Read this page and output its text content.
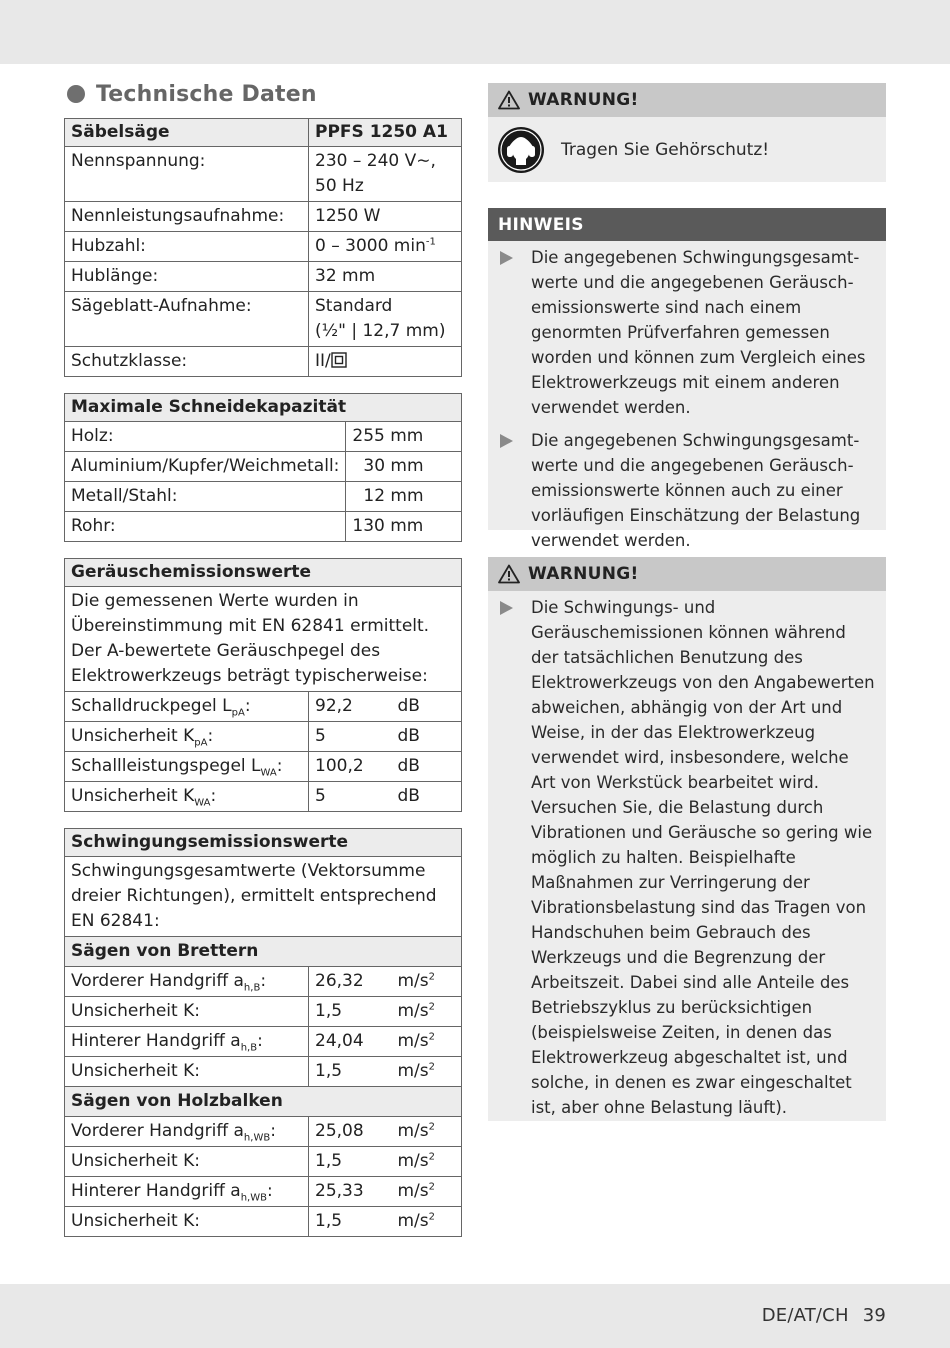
Technische Daten
Säbelsäge	PPFS 1250 A1
Nennspannung:	230 – 240 V∼,
50 Hz
Nennleistungsaufnahme:	1250 W
Hubzahl:	0 – 3000 $\min^{-1}$
Hublänge:	32 mm
Sägeblatt-Aufnahme:	Standard
(½" | 12,7 mm)
Schutzklasse:	II/
Maximale Schneidekapazität	
Holz:	255 mm
Aluminium/Kupfer/Weichmetall:	30 mm
Metall/Stahl:	12 mm
Rohr:	130 mm
Geräuschemissionswerte		
Die gemessenen Werte wurden in Übereinstimmung mit EN 62841 ermittelt. Der A-bewertete Geräuschpegel des Elektrowerkzeugs beträgt typischerweise:		
Schalldruckpegel $L_{pA}$:	92,2	dB
Unsicherheit $K_{pA}$:	5	dB
Schallleistungspegel $L_{WA}$:	100,2	dB
Unsicherheit $K_{WA}$:	5	dB
Schwingungsemissionswerte		
Schwingungsgesamtwerte (Vektorsumme dreier Richtungen), ermittelt entsprechend EN 62841:		
Sägen von Brettern		
Vorderer Handgriff $a_{h,B}$:	26,32	$m/s^2$
Unsicherheit K:	1,5	$m/s^2$
Hinterer Handgriff $a_{h,B}$:	24,04	$m/s^2$
Unsicherheit K:	1,5	$m/s^2$
Sägen von Holzbalken		
Vorderer Handgriff $a_{h,WB}$:	25,08	$m/s^2$
Unsicherheit K:	1,5	$m/s^2$
Hinterer Handgriff $a_{h,WB}$:	25,33	$m/s^2$
Unsicherheit K:	1,5	$m/s^2$
WARNUNG!
Tragen Sie Gehörschutz!
HINWEIS

Die angegebenen Schwingungsgesamtwerte und die angegebenen Geräuschemissionswerte sind nach einem genormten Prüfverfahren gemessen worden und können zum Vergleich eines Elektrowerkzeugs mit einem anderen verwendet werden.

Die angegebenen Schwingungsgesamtwerte und die angegebenen Geräuschemissionswerte können auch zu einer vorläufigen Einschätzung der Belastung verwendet werden.

WARNUNG!

Die Schwingungs- und Geräuschemissionen können während der tatsächlichen Benutzung des Elektrowerkzeugs von den Angabewerten abweichen, abhängig von der Art und Weise, in der das Elektrowerkzeug verwendet wird, insbesondere, welche Art von Werkstück bearbeitet wird. Versuchen Sie, die Belastung durch Vibrationen und Geräusche so gering wie möglich zu halten. Beispielhafte Maßnahmen zur Verringerung der Vibrationsbelastung sind das Tragen von Handschuhen beim Gebrauch des Werkzeugs und die Begrenzung der Arbeitszeit. Dabei sind alle Anteile des Betriebszyklus zu berücksichtigen (beispielsweise Zeiten, in denen das Elektrowerkzeug abgeschaltet ist, und solche, in denen es zwar eingeschaltet ist, aber ohne Belastung läuft).

DE/AT/CH 39
